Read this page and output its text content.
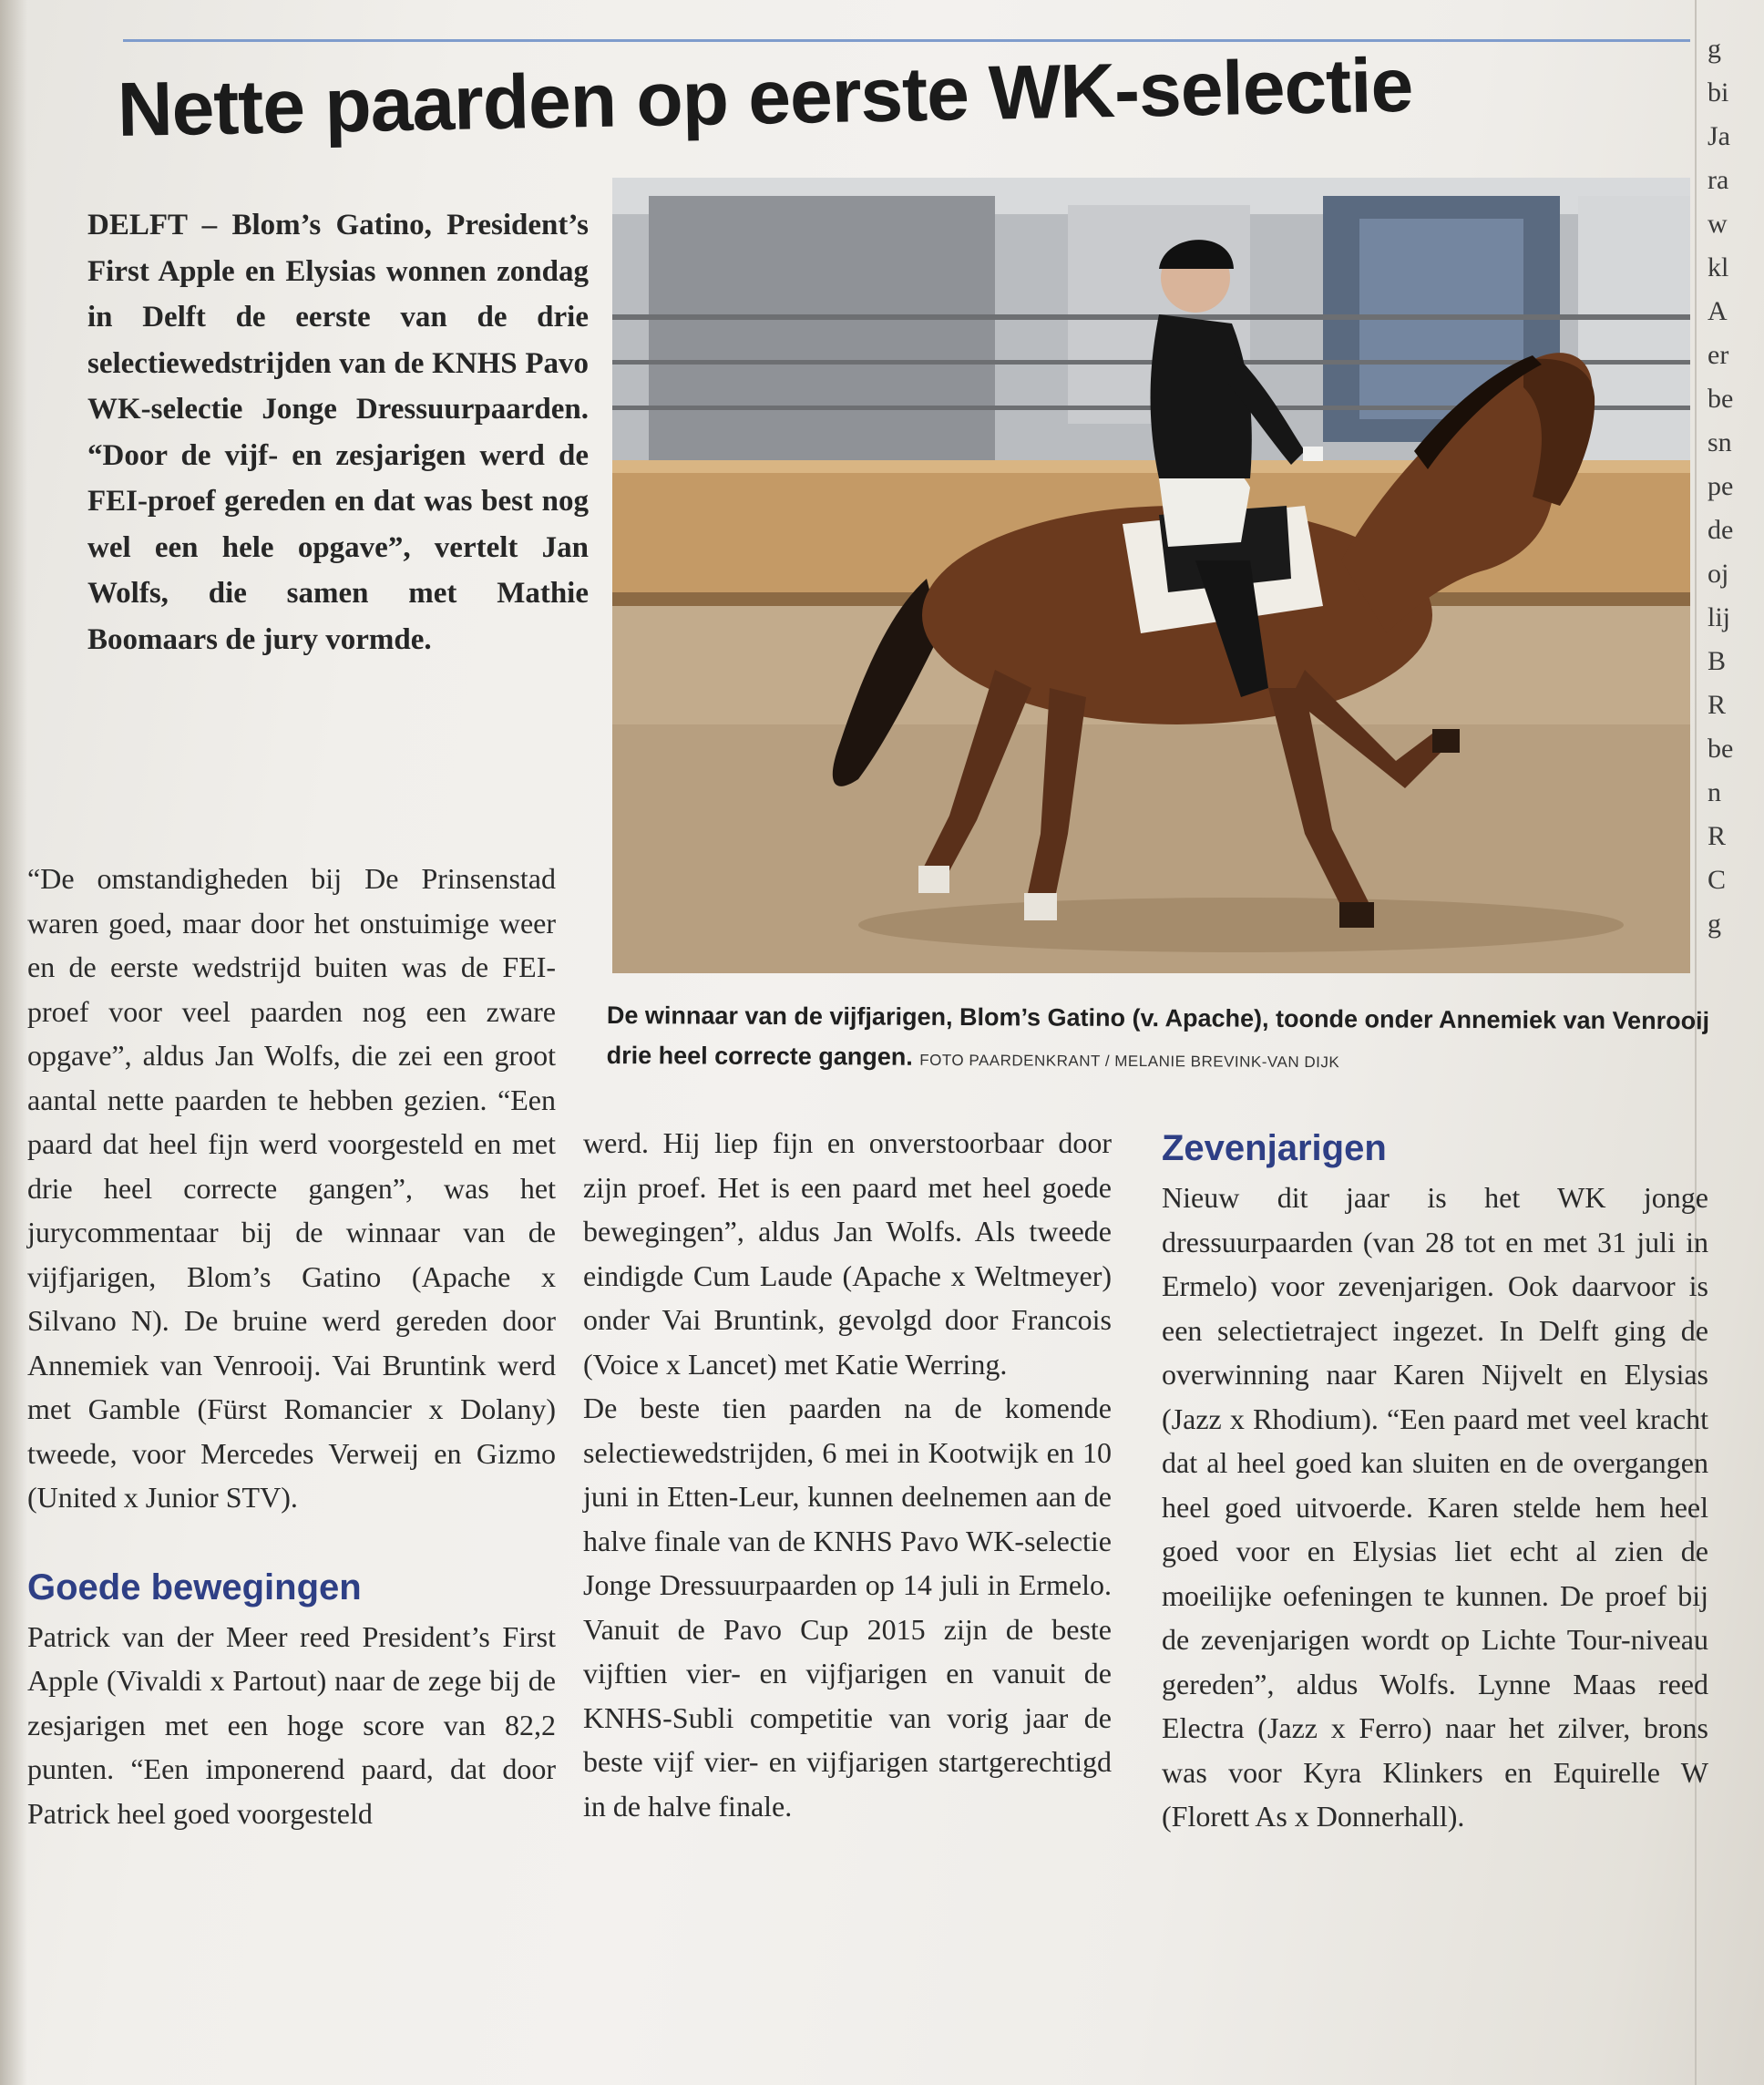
Nette paarden op eerste WK-selectie

DELFT – Blom’s Gatino, President’s First Apple en Elysias wonnen zondag in Delft de eerste van de drie selectiewedstrijden van de KNHS Pavo WK-selectie Jonge Dressuurpaarden. “Door de vijf- en zesjarigen werd de FEI-proef gereden en dat was best nog wel een hele opgave”, vertelt Jan Wolfs, die samen met Mathie Boomaars de jury vormde.

De winnaar van de vijfjarigen, Blom’s Gatino (v. Apache), toonde onder Annemiek van Venrooij drie heel correcte gangen. FOTO PAARDENKRANT / MELANIE BREVINK-VAN DIJK

“De omstandigheden bij De Prinsenstad waren goed, maar door het onstuimige weer en de eerste wedstrijd buiten was de FEI-proef voor veel paarden nog een zware opgave”, aldus Jan Wolfs, die zei een groot aantal nette paarden te hebben gezien. “Een paard dat heel fijn werd voorgesteld en met drie heel correcte gangen”, was het jurycommentaar bij de winnaar van de vijfjarigen, Blom’s Gatino (Apache x Silvano N). De bruine werd gereden door Annemiek van Venrooij. Vai Bruntink werd met Gamble (Fürst Romancier x Dolany) tweede, voor Mercedes Verweij en Gizmo (United x Junior STV).

Goede bewegingen

Patrick van der Meer reed President’s First Apple (Vivaldi x Partout) naar de zege bij de zesjarigen met een hoge score van 82,2 punten. “Een imponerend paard, dat door Patrick heel goed voorgesteld

werd. Hij liep fijn en onverstoorbaar door zijn proef. Het is een paard met heel goede bewegingen”, aldus Jan Wolfs. Als tweede eindigde Cum Laude (Apache x Weltmeyer) onder Vai Bruntink, gevolgd door Francois (Voice x Lancet) met Katie Werring.

De beste tien paarden na de komende selectiewedstrijden, 6 mei in Kootwijk en 10 juni in Etten-Leur, kunnen deelnemen aan de halve finale van de KNHS Pavo WK-selectie Jonge Dressuurpaarden op 14 juli in Ermelo. Vanuit de Pavo Cup 2015 zijn de beste vijftien vier- en vijfjarigen en vanuit de KNHS-Subli competitie van vorig jaar de beste vijf vier- en vijfjarigen startgerechtigd in de halve finale.

Zevenjarigen

Nieuw dit jaar is het WK jonge dressuurpaarden (van 28 tot en met 31 juli in Ermelo) voor zevenjarigen. Ook daarvoor is een selectietraject ingezet. In Delft ging de overwinning naar Karen Nijvelt en Elysias (Jazz x Rhodium). “Een paard met veel kracht dat al heel goed kan sluiten en de overgangen heel goed uitvoerde. Karen stelde hem heel goed voor en Elysias liet echt al zien de moeilijke oefeningen te kunnen. De proef bij de zevenjarigen wordt op Lichte Tour-niveau gereden”, aldus Wolfs. Lynne Maas reed Electra (Jazz x Ferro) naar het zilver, brons was voor Kyra Klinkers en Equirelle W (Florett As x Donnerhall).

g
bi
Ja
ra
w
kl
A
er
be
sn
pe
de
oj
lij
B
R
be
n
R
C
g
